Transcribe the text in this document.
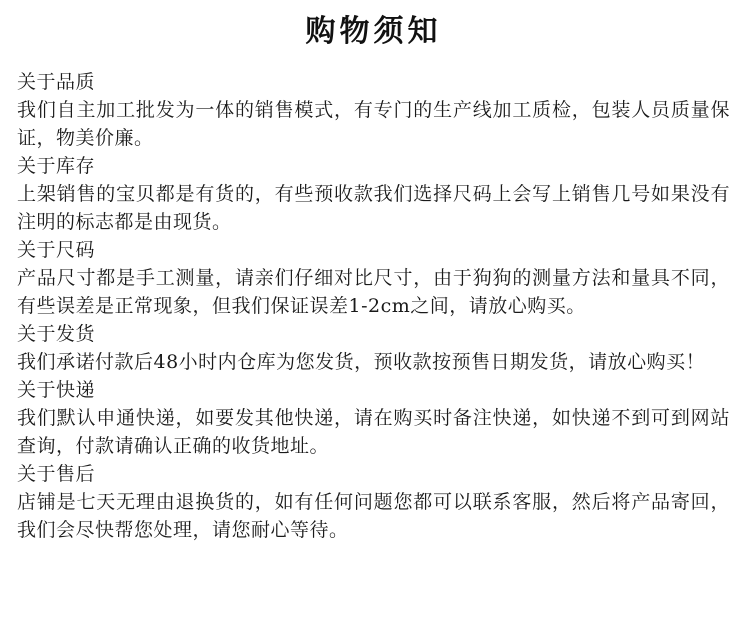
购物须知

关于品质

我们自主加工批发为一体的销售模式，有专门的生产线加工质检，包装人员质量保证，物美价廉。

关于库存

上架销售的宝贝都是有货的，有些预收款我们选择尺码上会写上销售几号如果没有注明的标志都是由现货。

关于尺码

产品尺寸都是手工测量，请亲们仔细对比尺寸，由于狗狗的测量方法和量具不同，有些误差是正常现象，但我们保证误差1-2cm之间，请放心购买。

关于发货

我们承诺付款后48小时内仓库为您发货，预收款按预售日期发货，请放心购买！

关于快递

我们默认申通快递，如要发其他快递，请在购买时备注快递，如快递不到可到网站查询，付款请确认正确的收货地址。

关于售后

店铺是七天无理由退换货的，如有任何问题您都可以联系客服，然后将产品寄回，我们会尽快帮您处理，请您耐心等待。
